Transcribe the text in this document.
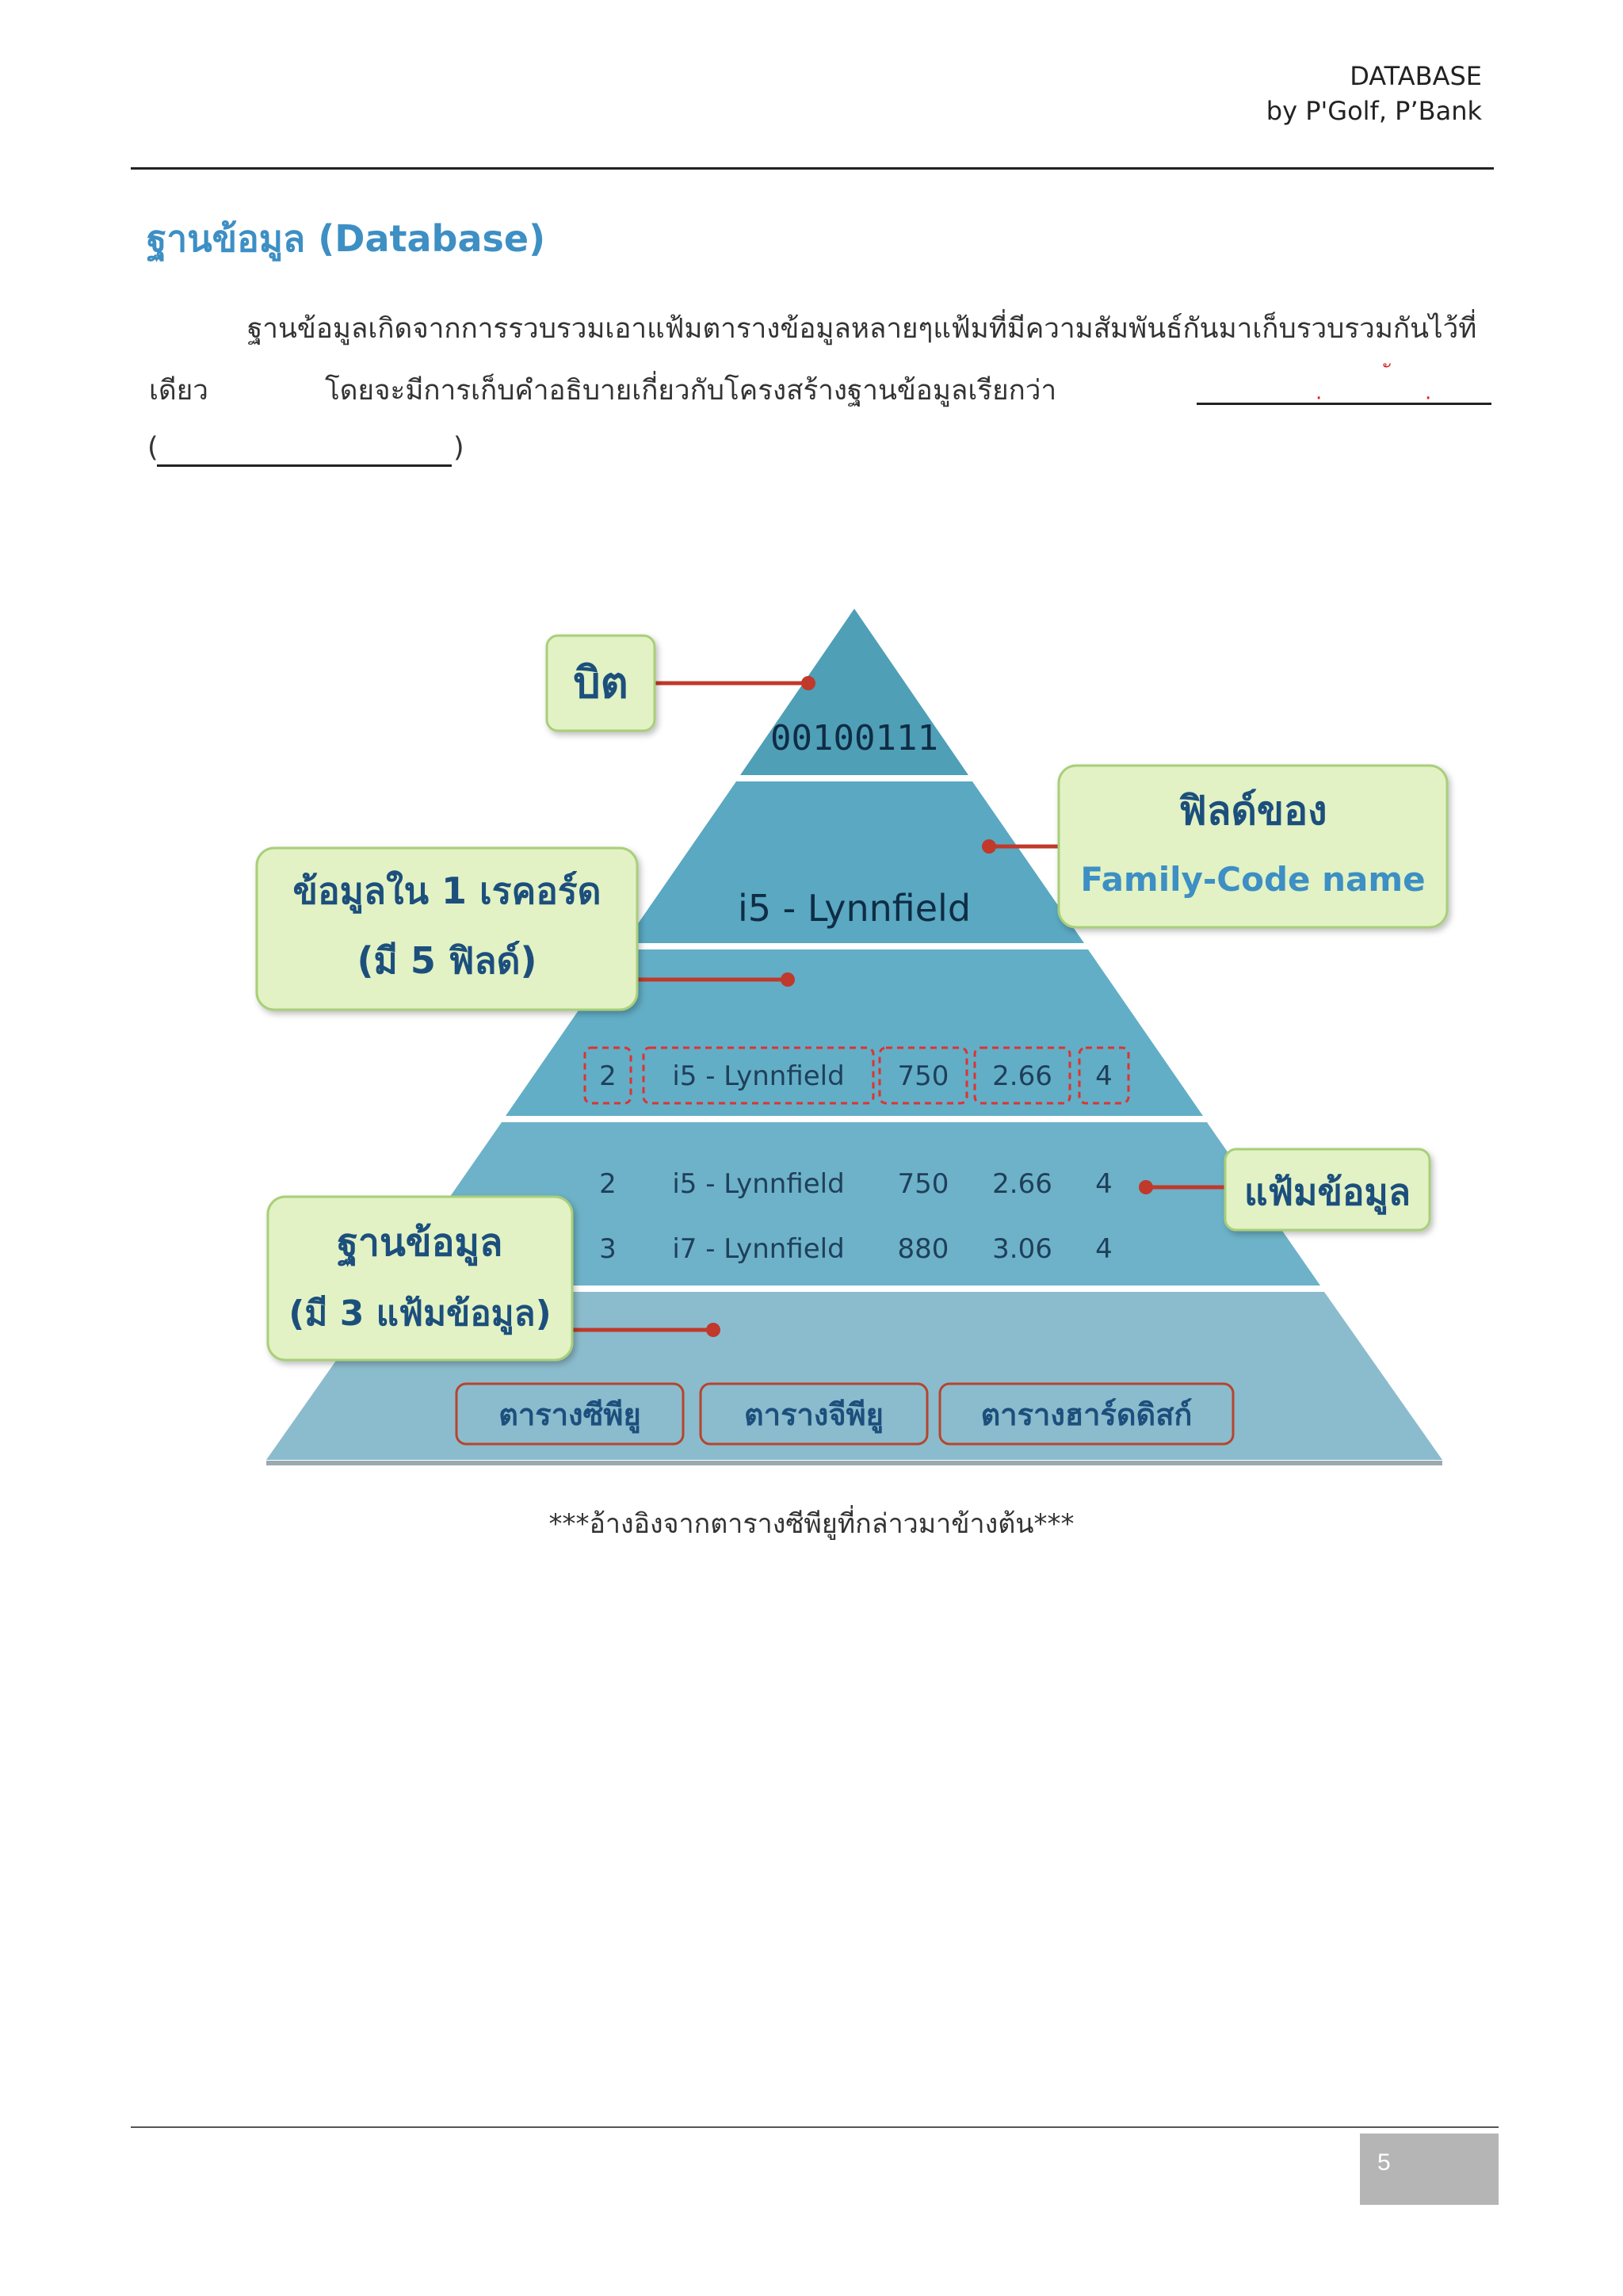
DATABASE
by P'Golf, P’Bank
ฐานข้อมูล (Database)
ฐานข้อมูลเกิดจากการรวบรวมเอาแฟ้มตารางข้อมูลหลายๆแฟ้มที่มีความสัมพันธ์กันมาเก็บรวบรวมกันไว้ที่
เดียว	โดยจะมีการเก็บคำอธิบายเกี่ยวกับโครงสร้างฐานข้อมูลเรียกว่า	·	·
(	)
00100111
i5 - Lynnfield
2 i5 - Lynnfield 750 2.66 4
2 i5 - Lynnfield 750 2.66 4
3 i7 - Lynnfield 880 3.06 4
ตารางซีพียู	ตารางจีพียู	ตารางฮาร์ดดิสก์
บิต
ฟิลด์ของ
Family-Code name
ข้อมูลใน 1 เรคอร์ด
(มี 5 ฟิลด์)
แฟ้มข้อมูล
ฐานข้อมูล
(มี 3 แฟ้มข้อมูล)
***อ้างอิงจากตารางซีพียูที่กล่าวมาข้างต้น***
5
